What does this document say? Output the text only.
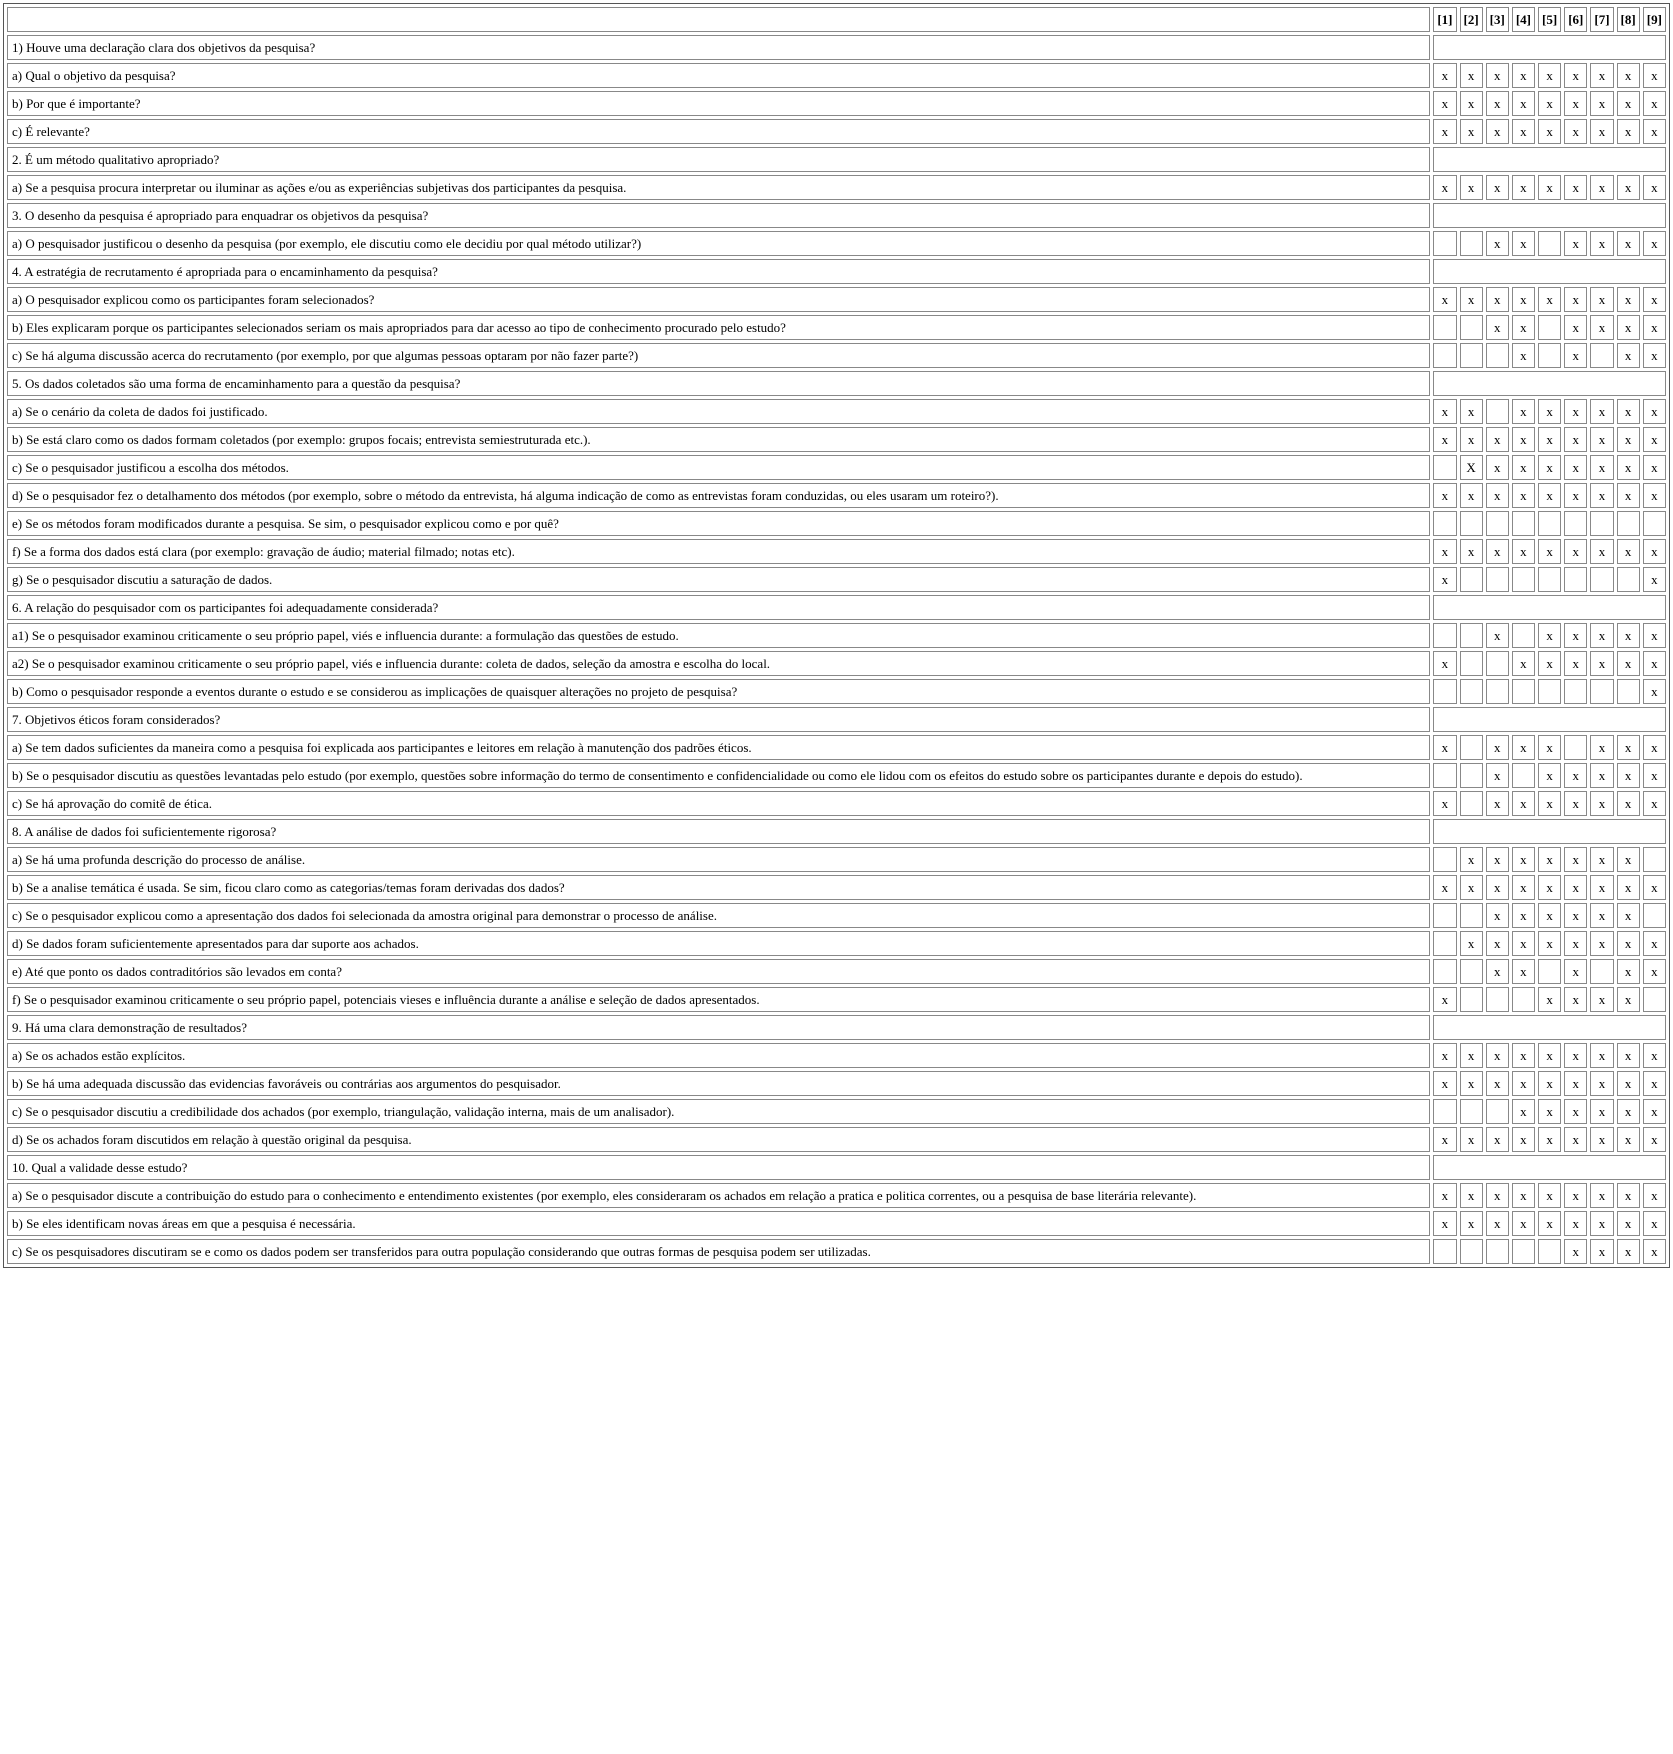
	[1]	[2]	[3]	[4]	[5]	[6]	[7]	[8]	[9]
1) Houve uma declaração clara dos objetivos da pesquisa?									
a) Qual o objetivo da pesquisa?	x	x	x	x	x	x	x	x	x
b) Por que é importante?	x	x	x	x	x	x	x	x	x
c) É relevante?	x	x	x	x	x	x	x	x	x
2. É um método qualitativo apropriado?									
a) Se a pesquisa procura interpretar ou iluminar as ações e/ou as experiências subjetivas dos participantes da pesquisa.	x	x	x	x	x	x	x	x	x
3. O desenho da pesquisa é apropriado para enquadrar os objetivos da pesquisa?									
a) O pesquisador justificou o desenho da pesquisa (por exemplo, ele discutiu como ele decidiu por qual método utilizar?)			x	x		x	x	x	x
4. A estratégia de recrutamento é apropriada para o encaminhamento da pesquisa?									
a) O pesquisador explicou como os participantes foram selecionados?	x	x	x	x	x	x	x	x	x
b) Eles explicaram porque os participantes selecionados seriam os mais apropriados para dar acesso ao tipo de conhecimento procurado pelo estudo?			x	x		x	x	x	x
c) Se há alguma discussão acerca do recrutamento (por exemplo, por que algumas pessoas optaram por não fazer parte?)				x		x		x	x
5. Os dados coletados são uma forma de encaminhamento para a questão da pesquisa?									
a) Se o cenário da coleta de dados foi justificado.	x	x		x	x	x	x	x	x
b) Se está claro como os dados formam coletados (por exemplo: grupos focais; entrevista semiestruturada etc.).	x	x	x	x	x	x	x	x	x
c) Se o pesquisador justificou a escolha dos métodos.		X	x	x	x	x	x	x	x
d) Se o pesquisador fez o detalhamento dos métodos (por exemplo, sobre o método da entrevista, há alguma indicação de como as entrevistas foram conduzidas, ou eles usaram um roteiro?).	x	x	x	x	x	x	x	x	x
e) Se os métodos foram modificados durante a pesquisa. Se sim, o pesquisador explicou como e por quê?									
f) Se a forma dos dados está clara (por exemplo: gravação de áudio; material filmado; notas etc).	x	x	x	x	x	x	x	x	x
g) Se o pesquisador discutiu a saturação de dados.	x								x
6. A relação do pesquisador com os participantes foi adequadamente considerada?									
a1) Se o pesquisador examinou criticamente o seu próprio papel, viés e influencia durante: a formulação das questões de estudo.			x		x	x	x	x	x
a2) Se o pesquisador examinou criticamente o seu próprio papel, viés e influencia durante: coleta de dados, seleção da amostra e escolha do local.	x			x	x	x	x	x	x
b) Como o pesquisador responde a eventos durante o estudo e se considerou as implicações de quaisquer alterações no projeto de pesquisa?									x
7. Objetivos éticos foram considerados?									
a) Se tem dados suficientes da maneira como a pesquisa foi explicada aos participantes e leitores em relação à manutenção dos padrões éticos.	x		x	x	x		x	x	x
b) Se o pesquisador discutiu as questões levantadas pelo estudo (por exemplo, questões sobre informação do termo de consentimento e confidencialidade ou como ele lidou com os efeitos do estudo sobre os participantes durante e depois do estudo).			x		x	x	x	x	x
c) Se há aprovação do comitê de ética.	x		x	x	x	x	x	x	x
8. A análise de dados foi suficientemente rigorosa?									
a) Se há uma profunda descrição do processo de análise.		x	x	x	x	x	x	x	
b) Se a analise temática é usada. Se sim, ficou claro como as categorias/temas foram derivadas dos dados?	x	x	x	x	x	x	x	x	x
c) Se o pesquisador explicou como a apresentação dos dados foi selecionada da amostra original para demonstrar o processo de análise.			x	x	x	x	x	x	
d) Se dados foram suficientemente apresentados para dar suporte aos achados.		x	x	x	x	x	x	x	x
e) Até que ponto os dados contraditórios são levados em conta?			x	x		x		x	x
f) Se o pesquisador examinou criticamente o seu próprio papel, potenciais vieses e influência durante a análise e seleção de dados apresentados.	x				x	x	x	x	
9. Há uma clara demonstração de resultados?									
a) Se os achados estão explícitos.	x	x	x	x	x	x	x	x	x
b) Se há uma adequada discussão das evidencias favoráveis ou contrárias aos argumentos do pesquisador.	x	x	x	x	x	x	x	x	x
c) Se o pesquisador discutiu a credibilidade dos achados (por exemplo, triangulação, validação interna, mais de um analisador).				x	x	x	x	x	x
d) Se os achados foram discutidos em relação à questão original da pesquisa.	x	x	x	x	x	x	x	x	x
10. Qual a validade desse estudo?									
a) Se o pesquisador discute a contribuição do estudo para o conhecimento e entendimento existentes (por exemplo, eles consideraram os achados em relação a pratica e politica correntes, ou a pesquisa de base literária relevante).	x	x	x	x	x	x	x	x	x
b) Se eles identificam novas áreas em que a pesquisa é necessária.	x	x	x	x	x	x	x	x	x
c) Se os pesquisadores discutiram se e como os dados podem ser transferidos para outra população considerando que outras formas de pesquisa podem ser utilizadas.						x	x	x	x
